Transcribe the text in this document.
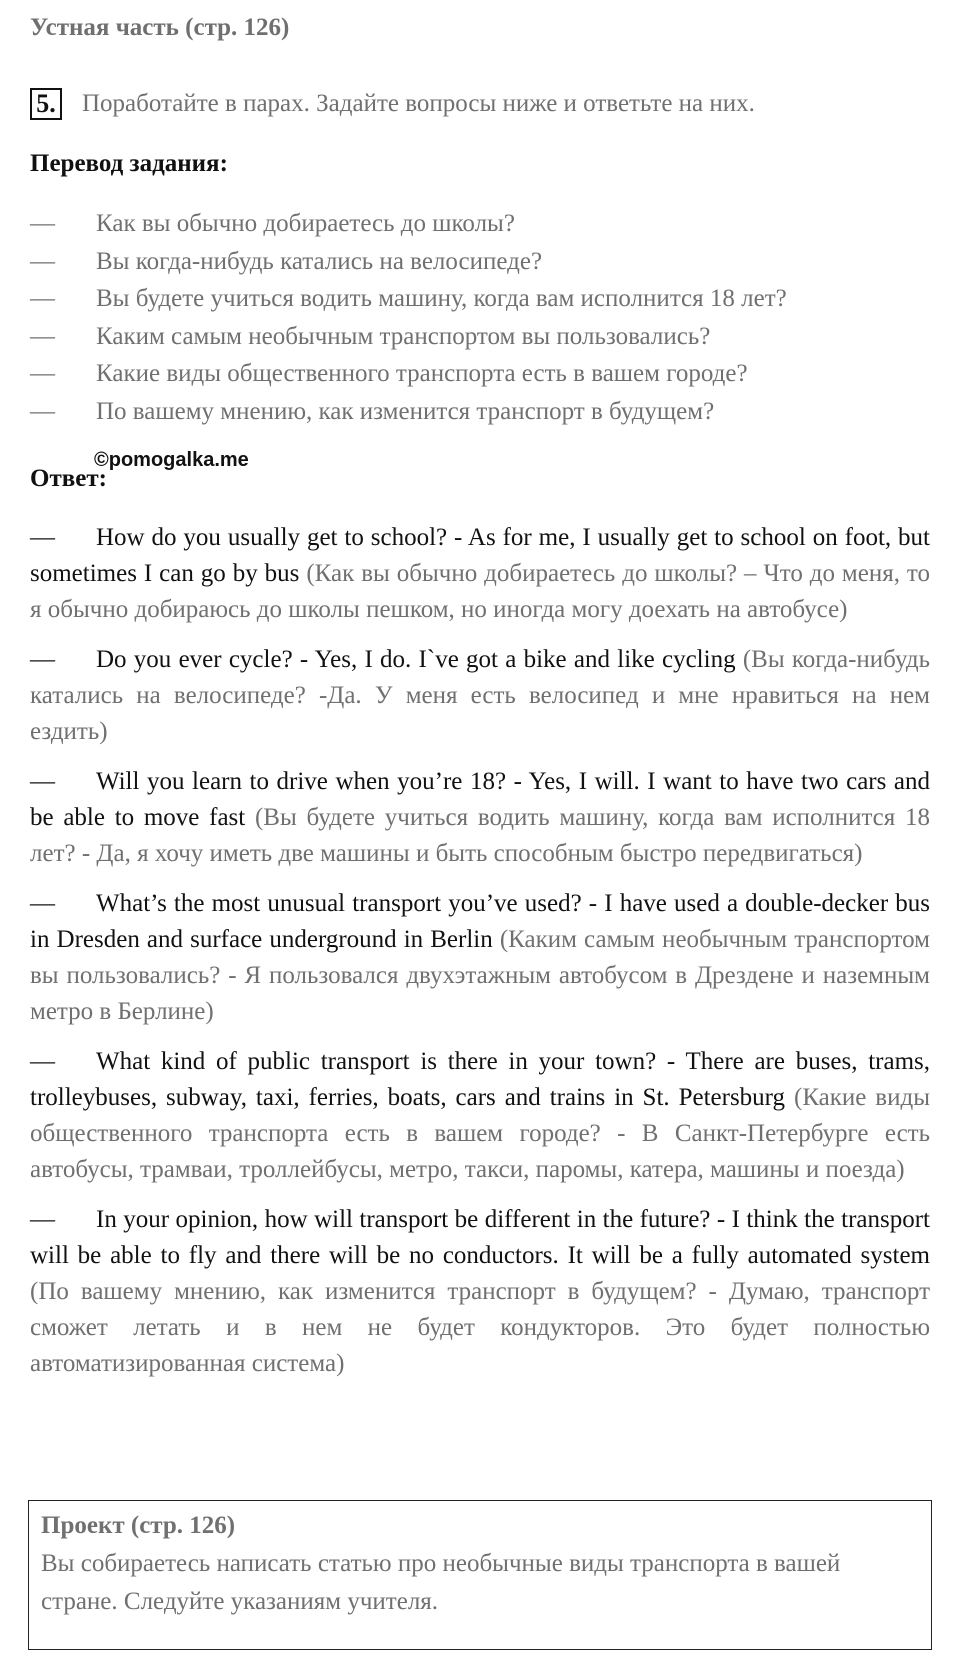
Устная часть (стр. 126)
5. Поработайте в парах. Задайте вопросы ниже и ответьте на них.
Перевод задания:
—	Как вы обычно добираетесь до школы?
—	Вы когда-нибудь катались на велосипеде?
—	Вы будете учиться водить машину, когда вам исполнится 18 лет?
—	Каким самым необычным транспортом вы пользовались?
—	Какие виды общественного транспорта есть в вашем городе?
—	По вашему мнению, как изменится транспорт в будущем?
©pomogalka.me
Ответ:

— How do you usually get to school? - As for me, I usually get to school on foot, but sometimes I can go by bus (Как вы обычно добираетесь до школы? – Что до меня, то я обычно добираюсь до школы пешком, но иногда могу доехать на автобусе)

— Do you ever cycle? - Yes, I do. I`ve got a bike and like cycling (Вы когда-нибудь катались на велосипеде? -Да. У меня есть велосипед и мне нравиться на нем ездить)

— Will you learn to drive when you’re 18? - Yes, I will. I want to have two cars and be able to move fast (Вы будете учиться водить машину, когда вам исполнится 18 лет? - Да, я хочу иметь две машины и быть способным быстро передвигаться)

— What’s the most unusual transport you’ve used? - I have used a double-decker bus in Dresden and surface underground in Berlin (Каким самым необычным транспортом вы пользовались? - Я пользовался двухэтажным автобусом в Дрездене и наземным метро в Берлине)

— What kind of public transport is there in your town? - There are buses, trams, trolleybuses, subway, taxi, ferries, boats, cars and trains in St. Petersburg (Какие виды общественного транспорта есть в вашем городе? - В Санкт-Петербурге есть автобусы, трамваи, троллейбусы, метро, такси, паромы, катера, машины и поезда)

— In your opinion, how will transport be different in the future? - I think the transport will be able to fly and there will be no conductors. It will be a fully automated system (По вашему мнению, как изменится транспорт в будущем? - Думаю, транспорт сможет летать и в нем не будет кондукторов. Это будет полностью автоматизированная система)

Проект (стр. 126)
Вы собираетесь написать статью про необычные виды транспорта в вашей стране. Следуйте указаниям учителя.
